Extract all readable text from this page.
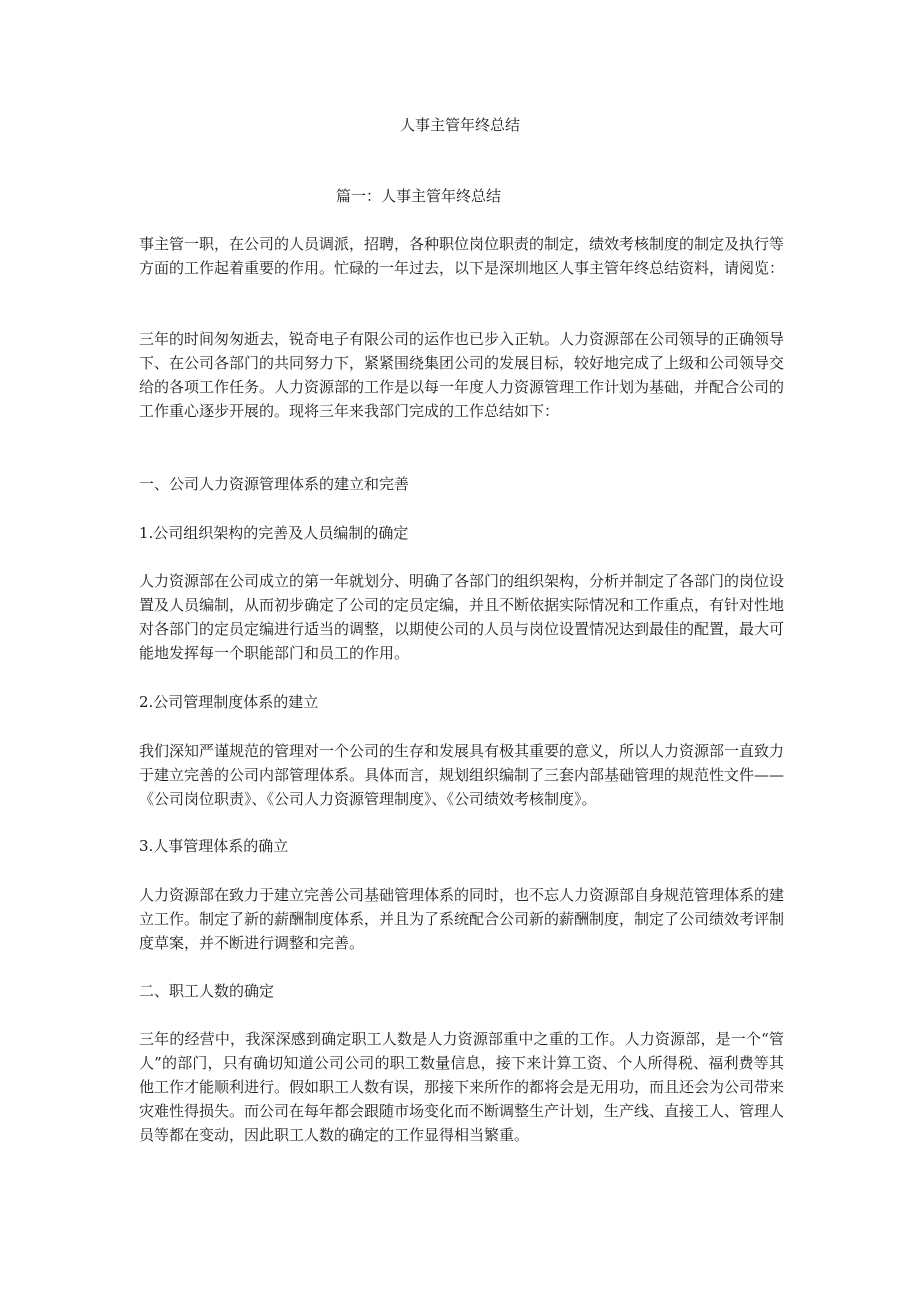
人事主管年终总结
篇一：人事主管年终总结

事主管一职，在公司的人员调派，招聘，各种职位岗位职责的制定，绩效考核制度的制定及执行等方面的工作起着重要的作用。忙碌的一年过去，以下是深圳地区人事主管年终总结资料，请阅览：

三年的时间匆匆逝去，锐奇电子有限公司的运作也已步入正轨。人力资源部在公司领导的正确领导下、在公司各部门的共同努力下，紧紧围绕集团公司的发展目标，较好地完成了上级和公司领导交给的各项工作任务。人力资源部的工作是以每一年度人力资源管理工作计划为基础，并配合公司的工作重心逐步开展的。现将三年来我部门完成的工作总结如下：

一、公司人力资源管理体系的建立和完善
1.公司组织架构的完善及人员编制的确定

人力资源部在公司成立的第一年就划分、明确了各部门的组织架构，分析并制定了各部门的岗位设置及人员编制，从而初步确定了公司的定员定编，并且不断依据实际情况和工作重点，有针对性地对各部门的定员定编进行适当的调整，以期使公司的人员与岗位设置情况达到最佳的配置，最大可能地发挥每一个职能部门和员工的作用。

2.公司管理制度体系的建立

我们深知严谨规范的管理对一个公司的生存和发展具有极其重要的意义，所以人力资源部一直致力于建立完善的公司内部管理体系。具体而言，规划组织编制了三套内部基础管理的规范性文件——《公司岗位职责》、《公司人力资源管理制度》、《公司绩效考核制度》。

3.人事管理体系的确立

人力资源部在致力于建立完善公司基础管理体系的同时，也不忘人力资源部自身规范管理体系的建立工作。制定了新的薪酬制度体系，并且为了系统配合公司新的薪酬制度，制定了公司绩效考评制度草案，并不断进行调整和完善。

二、职工人数的确定

三年的经营中，我深深感到确定职工人数是人力资源部重中之重的工作。人力资源部，是一个“管人”的部门，只有确切知道公司公司的职工数量信息，接下来计算工资、个人所得税、福利费等其他工作才能顺利进行。假如职工人数有误，那接下来所作的都将会是无用功，而且还会为公司带来灾难性得损失。而公司在每年都会跟随市场变化而不断调整生产计划，生产线、直接工人、管理人员等都在变动，因此职工人数的确定的工作显得相当繁重。
